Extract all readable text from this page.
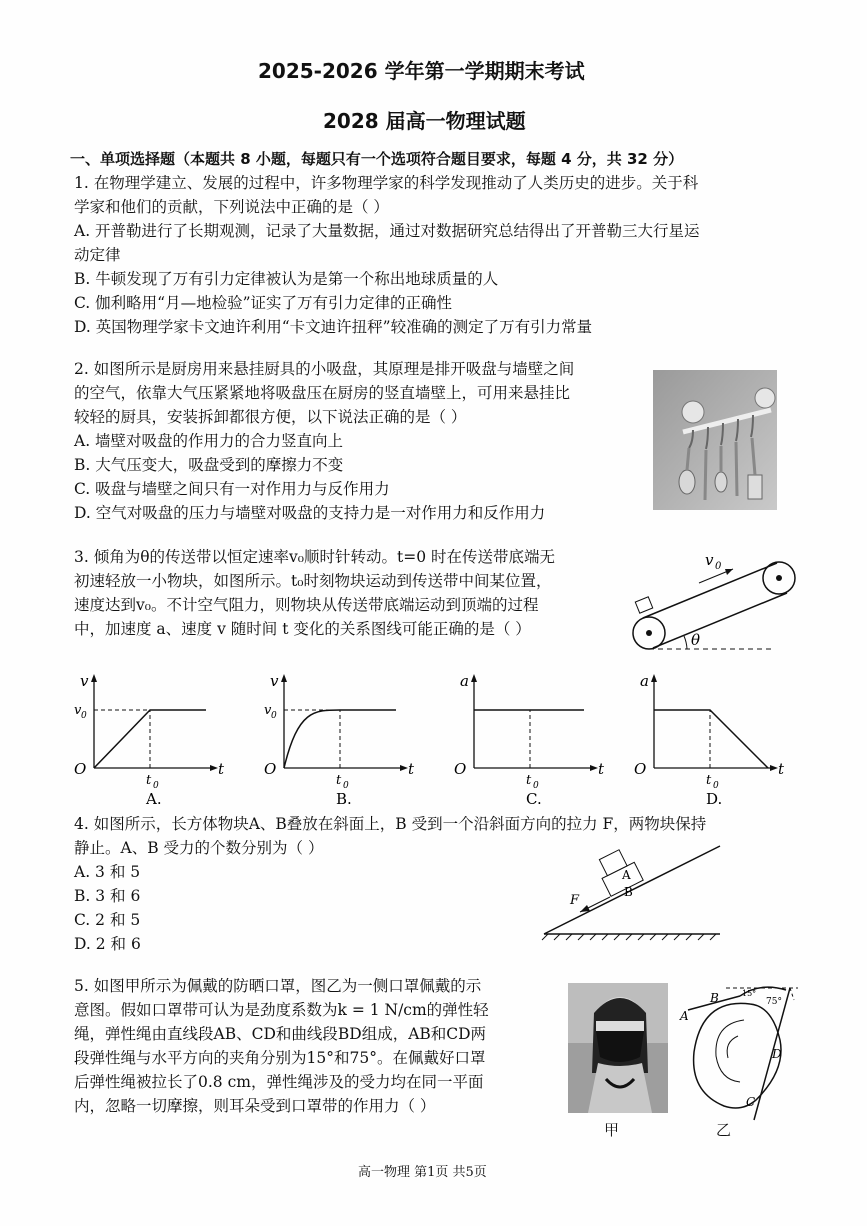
2025-2026 学年第一学期期末考试
2028 届高一物理试题
一、单项选择题（本题共 8 小题，每题只有一个选项符合题目要求，每题 4 分，共 32 分）
1. 在物理学建立、发展的过程中，许多物理学家的科学发现推动了人类历史的进步。关于科
学家和他们的贡献，下列说法中正确的是（ ）
A. 开普勒进行了长期观测，记录了大量数据，通过对数据研究总结得出了开普勒三大行星运
动定律
B. 牛顿发现了万有引力定律被认为是第一个称出地球质量的人
C. 伽利略用“月—地检验”证实了万有引力定律的正确性
D. 英国物理学家卡文迪许利用“卡文迪许扭秤”较准确的测定了万有引力常量
2. 如图所示是厨房用来悬挂厨具的小吸盘，其原理是排开吸盘与墙壁之间
的空气，依靠大气压紧紧地将吸盘压在厨房的竖直墙壁上，可用来悬挂比
较轻的厨具，安装拆卸都很方便，以下说法正确的是（ ）
A. 墙壁对吸盘的作用力的合力竖直向上
B. 大气压变大，吸盘受到的摩擦力不变
C. 吸盘与墙壁之间只有一对作用力与反作用力
D. 空气对吸盘的压力与墙壁对吸盘的支持力是一对作用力和反作用力
3. 倾角为θ的传送带以恒定速率v₀顺时针转动。t=0 时在传送带底端无
初速轻放一小物块，如图所示。t₀时刻物块运动到传送带中间某位置，
速度达到v₀。不计空气阻力，则物块从传送带底端运动到顶端的过程
中，加速度 a、速度 v 随时间 t 变化的关系图线可能正确的是（ ）
θ
v 0
v
t
O
t 0
v 0
A.
v
t
O
t 0
v 0
B.
a
t
O
t 0
C.
a
t
O
t 0
D.
4. 如图所示，长方体物块A、B叠放在斜面上，B 受到一个沿斜面方向的拉力 F，两物块保持
静止。A、B 受力的个数分别为（ ）
A. 3 和 5
B. 3 和 6
C. 2 和 5
D. 2 和 6
A
B
F
5. 如图甲所示为佩戴的防晒口罩，图乙为一侧口罩佩戴的示
意图。假如口罩带可认为是劲度系数为k = 1 N/cm的弹性轻
绳，弹性绳由直线段AB、CD和曲线段BD组成，AB和CD两
段弹性绳与水平方向的夹角分别为15°和75°。在佩戴好口罩
后弹性绳被拉长了0.8 cm，弹性绳涉及的受力均在同一平面
内，忽略一切摩擦，则耳朵受到口罩带的作用力（ ）
甲
A
B
D
C
15°
75°
乙
高一物理 第1页 共5页
